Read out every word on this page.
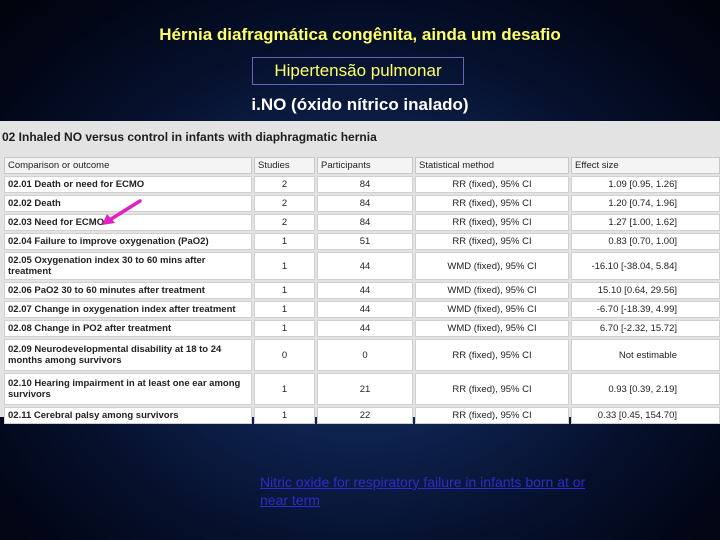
Hérnia diafragmática congênita, ainda um desafio
Hipertensão pulmonar
i.NO (óxido nítrico inalado)
02 Inhaled NO versus control in infants with diaphragmatic hernia
Comparison or outcome	Studies	Participants	Statistical method	Effect size
02.01 Death or need for ECMO	2	84	RR (fixed), 95% CI	1.09 [0.95, 1.26]
02.02 Death	2	84	RR (fixed), 95% CI	1.20 [0.74, 1.96]
02.03 Need for ECMO	2	84	RR (fixed), 95% CI	1.27 [1.00, 1.62]
02.04 Failure to improve oxygenation (PaO2)	1	51	RR (fixed), 95% CI	0.83 [0.70, 1.00]
02.05 Oxygenation index 30 to 60 mins after treatment	1	44	WMD (fixed), 95% CI	-16.10 [-38.04, 5.84]
02.06 PaO2 30 to 60 minutes after treatment	1	44	WMD (fixed), 95% CI	15.10 [0.64, 29.56]
02.07 Change in oxygenation index after treatment	1	44	WMD (fixed), 95% CI	-6.70 [-18.39, 4.99]
02.08 Change in PO2 after treatment	1	44	WMD (fixed), 95% CI	6.70 [-2.32, 15.72]
02.09 Neurodevelopmental disability at 18 to 24 months among survivors	0	0	RR (fixed), 95% CI	Not estimable
02.10 Hearing impairment in at least one ear among survivors	1	21	RR (fixed), 95% CI	0.93 [0.39, 2.19]
02.11 Cerebral palsy among survivors	1	22	RR (fixed), 95% CI	0.33 [0.45, 154.70]
Nitric oxide for respiratory failure in infants born at or near term
